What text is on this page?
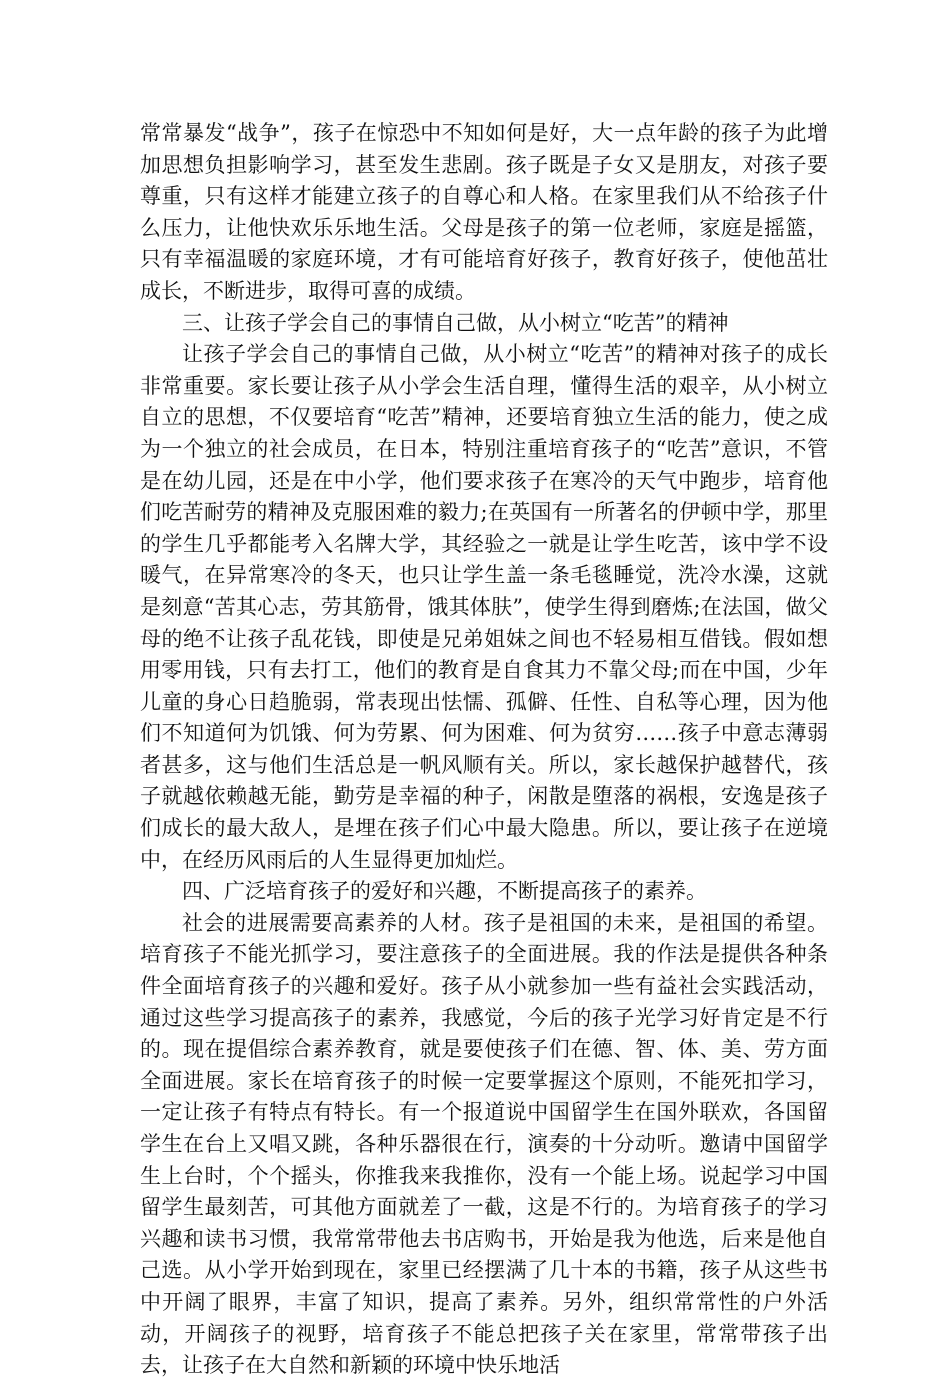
常常暴发“战争”，孩子在惊恐中不知如何是好，大一点年龄的孩子为此增加思想负担影响学习，甚至发生悲剧。孩子既是子女又是朋友，对孩子要尊重，只有这样才能建立孩子的自尊心和人格。在家里我们从不给孩子什么压力，让他快欢乐乐地生活。父母是孩子的第一位老师，家庭是摇篮，只有幸福温暖的家庭环境，才有可能培育好孩子，教育好孩子，使他茁壮成长，不断进步，取得可喜的成绩。

三、让孩子学会自己的事情自己做，从小树立“吃苦”的精神

让孩子学会自己的事情自己做，从小树立“吃苦”的精神对孩子的成长非常重要。家长要让孩子从小学会生活自理，懂得生活的艰辛，从小树立自立的思想，不仅要培育“吃苦”精神，还要培育独立生活的能力，使之成为一个独立的社会成员，在日本，特别注重培育孩子的“吃苦”意识，不管是在幼儿园，还是在中小学，他们要求孩子在寒冷的天气中跑步，培育他们吃苦耐劳的精神及克服困难的毅力;在英国有一所著名的伊顿中学，那里的学生几乎都能考入名牌大学，其经验之一就是让学生吃苦，该中学不设暖气，在异常寒冷的冬天，也只让学生盖一条毛毯睡觉，洗冷水澡，这就是刻意“苦其心志，劳其筋骨，饿其体肤”，使学生得到磨炼;在法国，做父母的绝不让孩子乱花钱，即使是兄弟姐妹之间也不轻易相互借钱。假如想用零用钱，只有去打工，他们的教育是自食其力不靠父母;而在中国，少年儿童的身心日趋脆弱，常表现出怯懦、孤僻、任性、自私等心理，因为他们不知道何为饥饿、何为劳累、何为困难、何为贫穷……孩子中意志薄弱者甚多，这与他们生活总是一帆风顺有关。所以，家长越保护越替代，孩子就越依赖越无能，勤劳是幸福的种子，闲散是堕落的祸根，安逸是孩子们成长的最大敌人，是埋在孩子们心中最大隐患。所以，要让孩子在逆境中，在经历风雨后的人生显得更加灿烂。

四、广泛培育孩子的爱好和兴趣，不断提高孩子的素养。

社会的进展需要高素养的人材。孩子是祖国的未来，是祖国的希望。培育孩子不能光抓学习，要注意孩子的全面进展。我的作法是提供各种条件全面培育孩子的兴趣和爱好。孩子从小就参加一些有益社会实践活动，通过这些学习提高孩子的素养，我感觉，今后的孩子光学习好肯定是不行的。现在提倡综合素养教育，就是要使孩子们在德、智、体、美、劳方面全面进展。家长在培育孩子的时候一定要掌握这个原则，不能死扣学习，一定让孩子有特点有特长。有一个报道说中国留学生在国外联欢，各国留学生在台上又唱又跳，各种乐器很在行，演奏的十分动听。邀请中国留学生上台时，个个摇头，你推我来我推你，没有一个能上场。说起学习中国留学生最刻苦，可其他方面就差了一截，这是不行的。为培育孩子的学习兴趣和读书习惯，我常常带他去书店购书，开始是我为他选，后来是他自己选。从小学开始到现在，家里已经摆满了几十本的书籍，孩子从这些书中开阔了眼界，丰富了知识，提高了素养。另外，组织常常性的户外活动，开阔孩子的视野，培育孩子不能总把孩子关在家里，常常带孩子出去，让孩子在大自然和新颖的环境中快乐地活
